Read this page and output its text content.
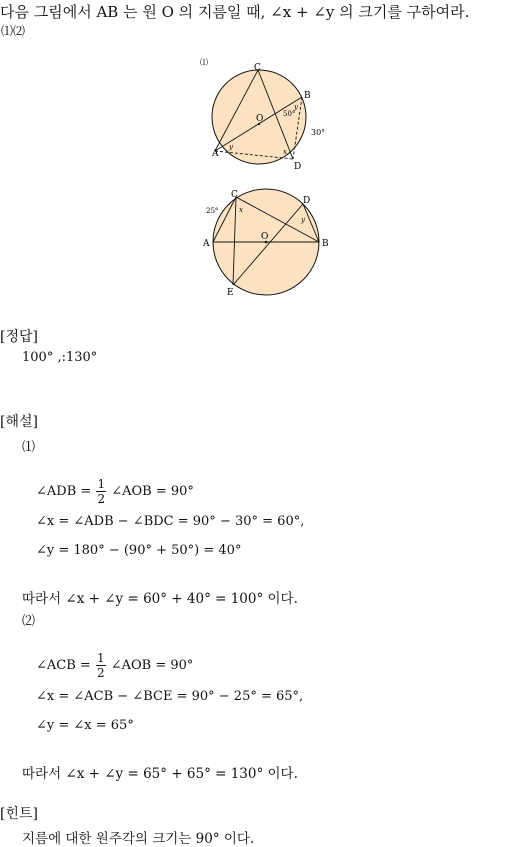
다음 그림에서 AB 는 원 O 의 지름일 때, ∠x + ∠y 의 크기를 구하여라.
⑴⑵
⑴
C
B
A
D
O	50°
30°
y
y
x
C
D
A	B
O
E
25°	x
y
[정답]
100° ,:130°
[해설]
⑴
∠ADB = $\frac{1}{2}$ ∠AOB = 90°
∠x = ∠ADB − ∠BDC = 90° − 30° = 60°,
∠y = 180° − (90° + 50°) = 40°
따라서 ∠x + ∠y = 60° + 40° = 100° 이다.
⑵
∠ACB = $\frac{1}{2}$ ∠AOB = 90°
∠x = ∠ACB − ∠BCE = 90° − 25° = 65°,
∠y = ∠x = 65°
따라서 ∠x + ∠y = 65° + 65° = 130° 이다.
[힌트]
지름에 대한 원주각의 크기는 90° 이다.
